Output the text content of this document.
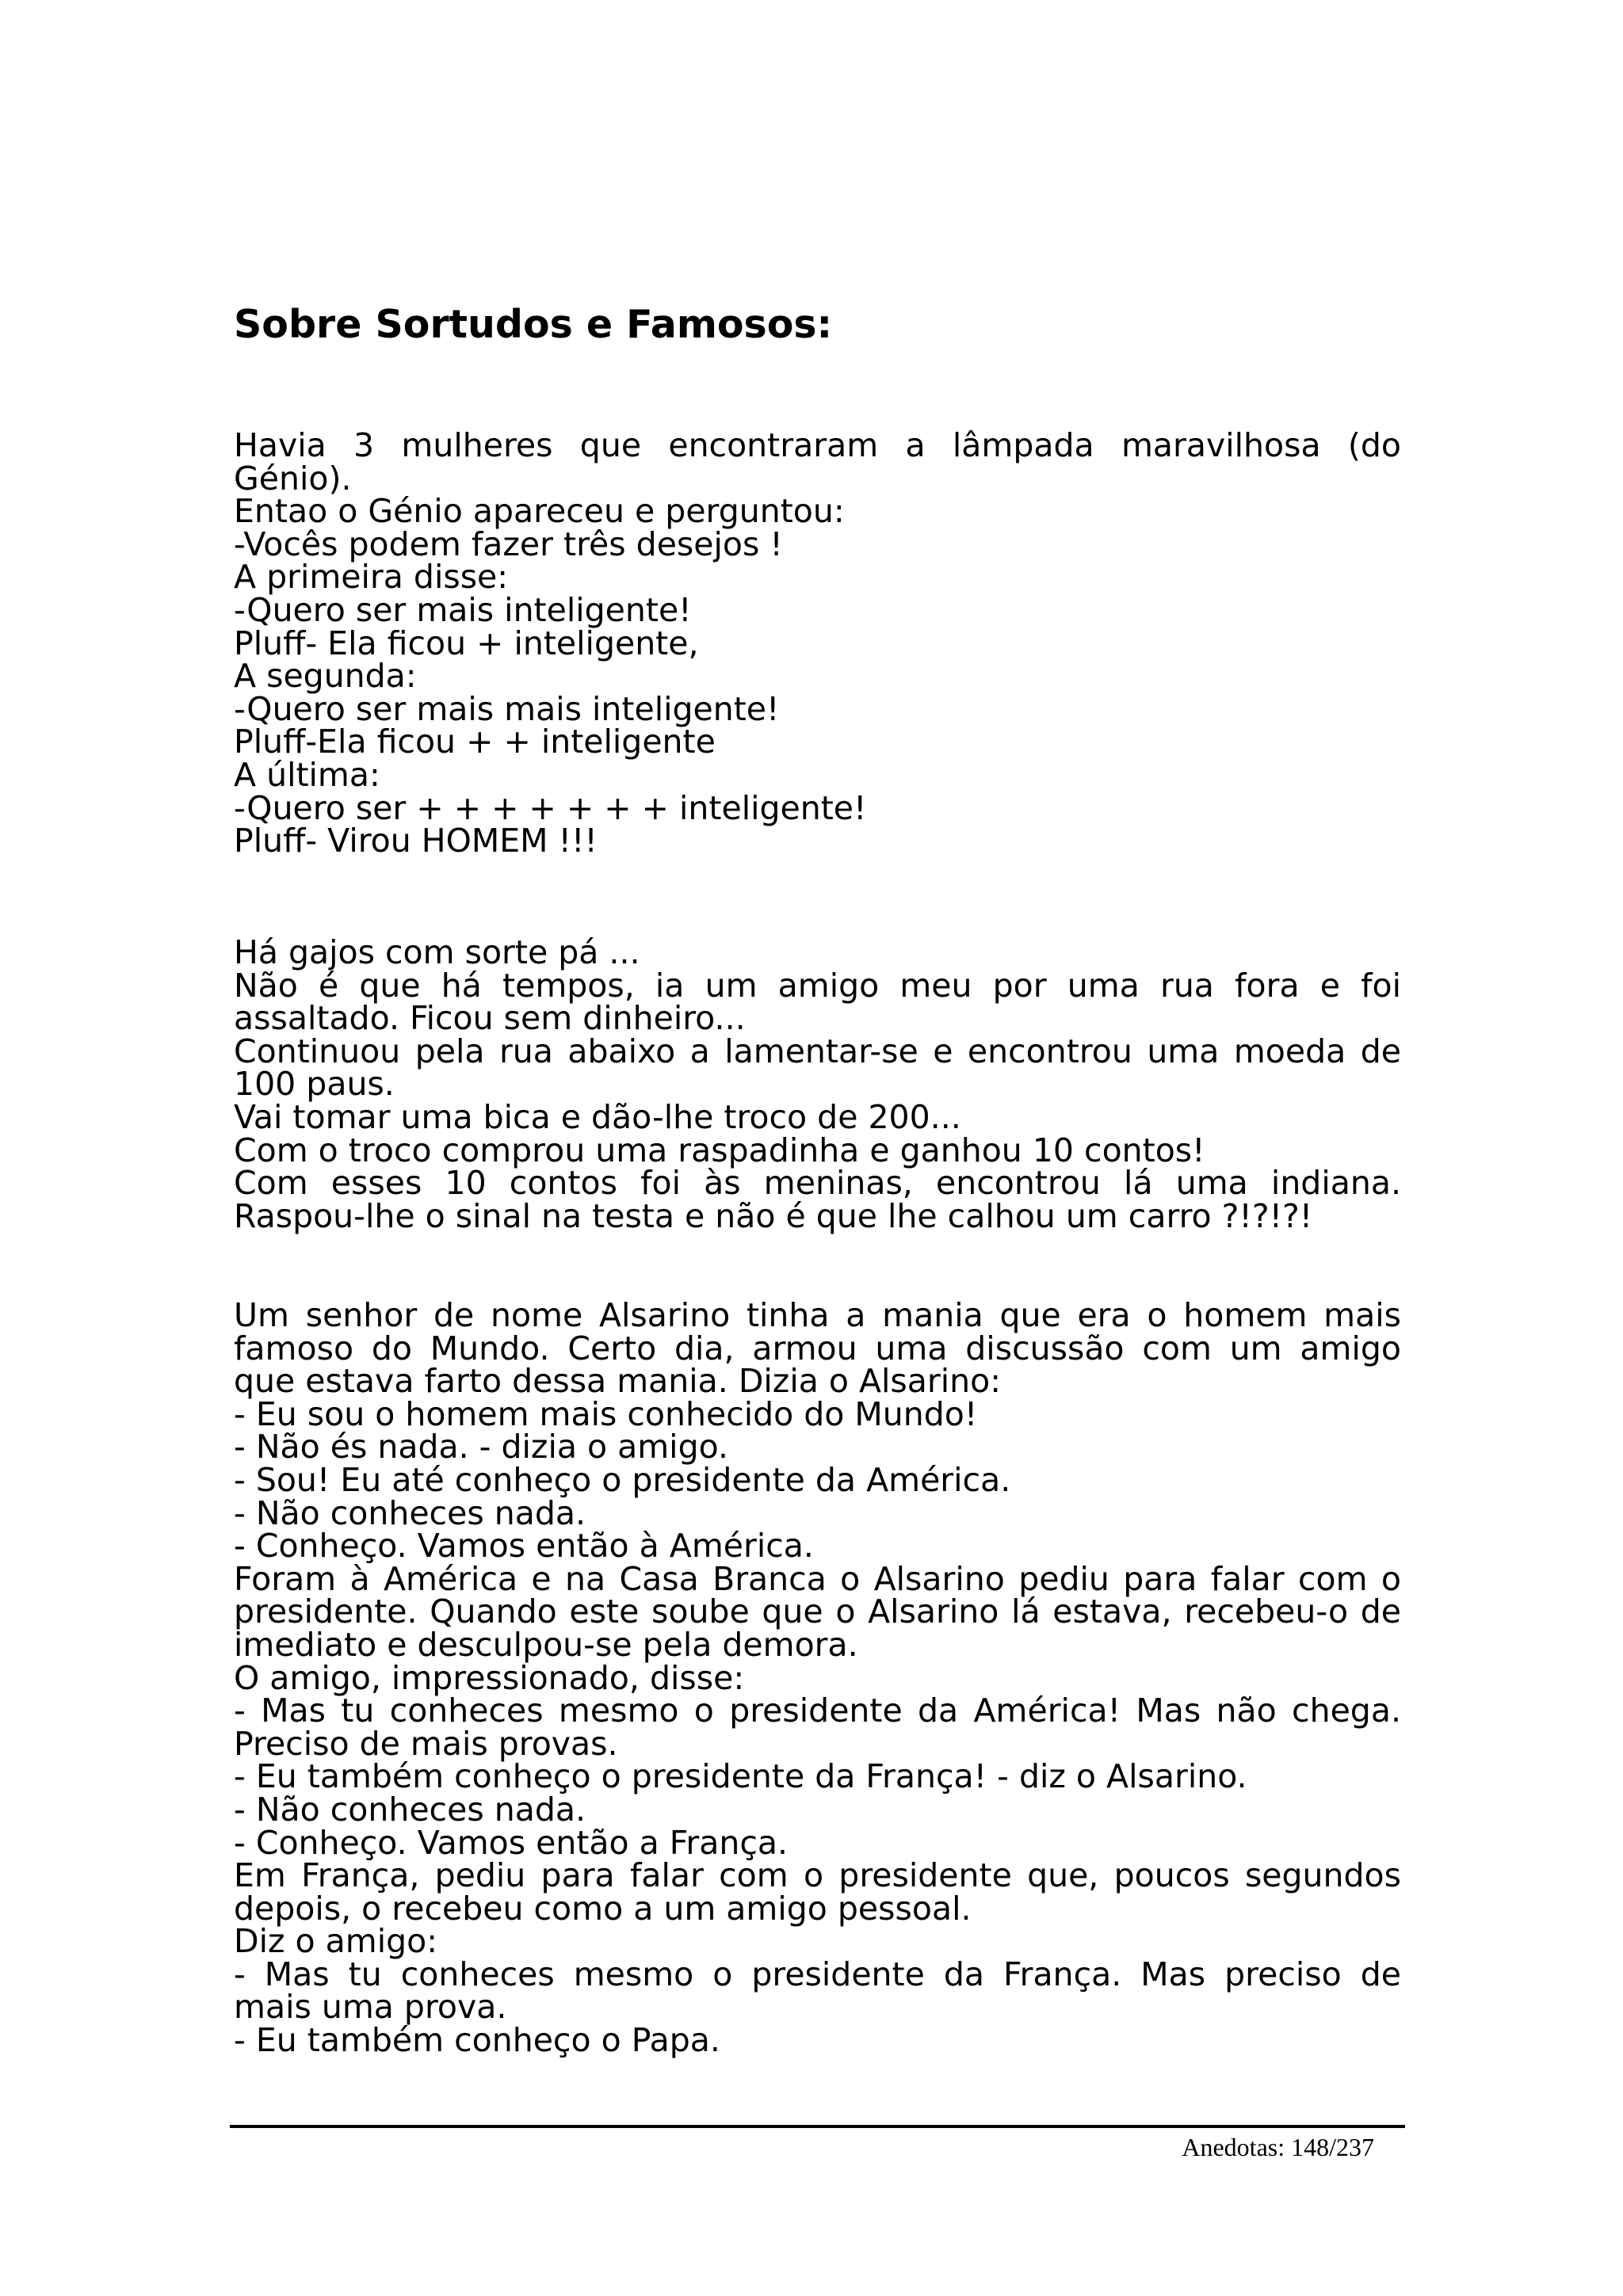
Sobre Sortudos e Famosos:
Havia 3 mulheres que encontraram a lâmpada maravilhosa (do
Génio).
Entao o Génio apareceu e perguntou:
-Vocês podem fazer três desejos !
A primeira disse:
-Quero ser mais inteligente!
Pluff- Ela ficou + inteligente,
A segunda:
-Quero ser mais mais inteligente!
Pluff-Ela ficou + + inteligente
A última:
-Quero ser + + + + + + + inteligente!
Pluff- Virou HOMEM !!!
Há gajos com sorte pá ...
Não é que há tempos, ia um amigo meu por uma rua fora e foi
assaltado. Ficou sem dinheiro...
Continuou pela rua abaixo a lamentar-se e encontrou uma moeda de
100 paus.
Vai tomar uma bica e dão-lhe troco de 200...
Com o troco comprou uma raspadinha e ganhou 10 contos!
Com esses 10 contos foi às meninas, encontrou lá uma indiana.
Raspou-lhe o sinal na testa e não é que lhe calhou um carro ?!?!?!
Um senhor de nome Alsarino tinha a mania que era o homem mais
famoso do Mundo. Certo dia, armou uma discussão com um amigo
que estava farto dessa mania. Dizia o Alsarino:
- Eu sou o homem mais conhecido do Mundo!
- Não és nada. - dizia o amigo.
- Sou! Eu até conheço o presidente da América.
- Não conheces nada.
- Conheço. Vamos então à América.
Foram à América e na Casa Branca o Alsarino pediu para falar com o
presidente. Quando este soube que o Alsarino lá estava, recebeu-o de
imediato e desculpou-se pela demora.
O amigo, impressionado, disse:
- Mas tu conheces mesmo o presidente da América! Mas não chega.
Preciso de mais provas.
- Eu também conheço o presidente da França! - diz o Alsarino.
- Não conheces nada.
- Conheço. Vamos então a França.
Em França, pediu para falar com o presidente que, poucos segundos
depois, o recebeu como a um amigo pessoal.
Diz o amigo:
- Mas tu conheces mesmo o presidente da França. Mas preciso de
mais uma prova.
- Eu também conheço o Papa.
Anedotas: 148/237
